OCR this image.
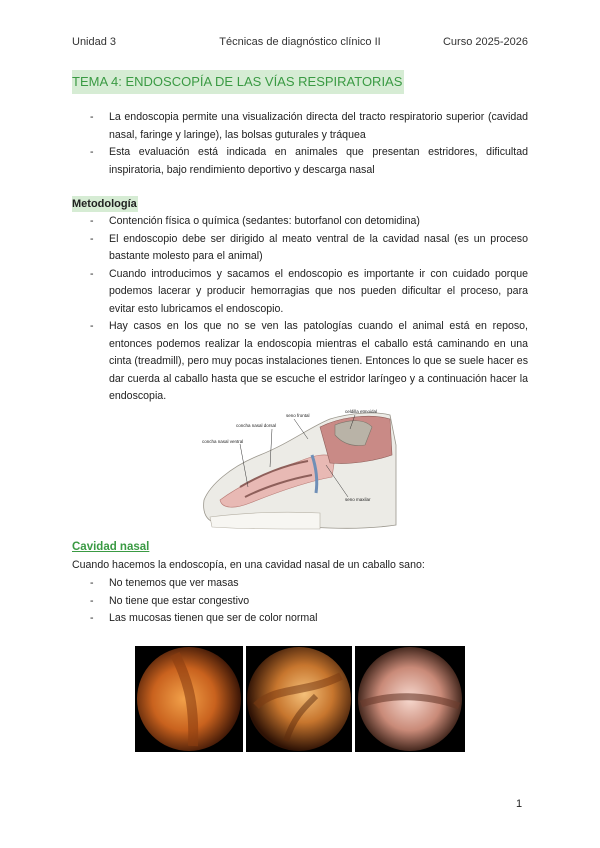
Unidad 3	Técnicas de diagnóstico clínico II	Curso 2025-2026
TEMA 4: ENDOSCOPÍA DE LAS VÍAS RESPIRATORIAS
- La endoscopia permite una visualización directa del tracto respiratorio superior (cavidad nasal, faringe y laringe), las bolsas guturales y tráquea
- Esta evaluación está indicada en animales que presentan estridores, dificultad inspiratoria, bajo rendimiento deportivo y descarga nasal
Metodología
- Contención física o química (sedantes: butorfanol con detomidina)
- El endoscopio debe ser dirigido al meato ventral de la cavidad nasal (es un proceso bastante molesto para el animal)
- Cuando introducimos y sacamos el endoscopio es importante ir con cuidado porque podemos lacerar y producir hemorragias que nos pueden dificultar el proceso, para evitar esto lubricamos el endoscopio.
- Hay casos en los que no se ven las patologías cuando el animal está en reposo, entonces podemos realizar la endoscopia mientras el caballo está caminando en una cinta (treadmill), pero muy pocas instalaciones tienen. Entonces lo que se suele hacer es dar cuerda al caballo hasta que se escuche el estridor laríngeo y a continuación hacer la endoscopia.
seno frontal
celdilla etmoidal
concha nasal dorsal
concha nasal ventral
seno maxilar
Cavidad nasal
Cuando hacemos la endoscopía, en una cavidad nasal de un caballo sano:
- No tenemos que ver masas
- No tiene que estar congestivo
- Las mucosas tienen que ser de color normal
1
